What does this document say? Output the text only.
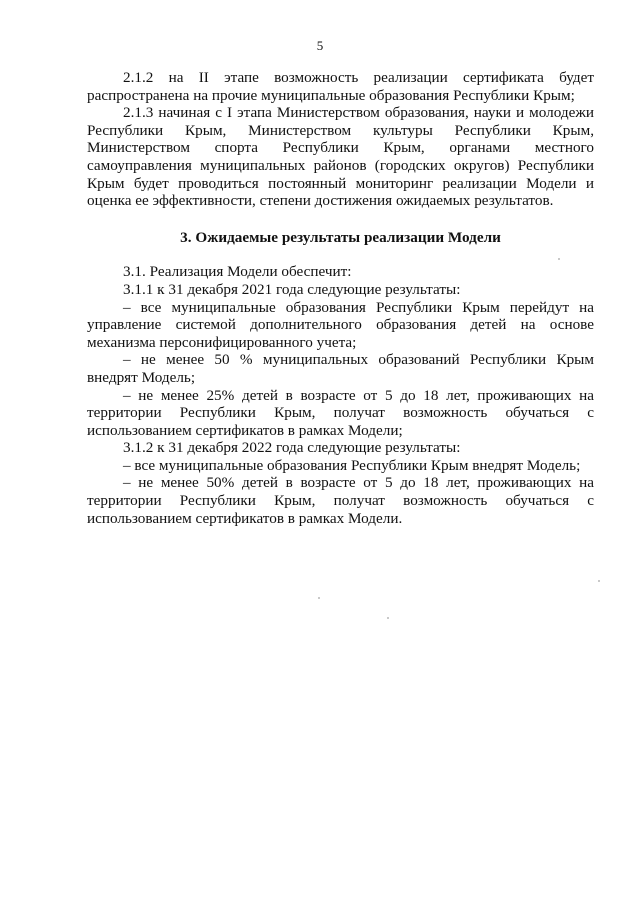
5

2.1.2 на II этапе возможность реализации сертификата будет распространена на прочие муниципальные образования Республики Крым;

2.1.3 начиная с I этапа Министерством образования, науки и молодежи Республики Крым, Министерством культуры Республики Крым, Министерством спорта Республики Крым, органами местного самоуправления муниципальных районов (городских округов) Республики Крым будет проводиться постоянный мониторинг реализации Модели и оценка ее эффективности, степени достижения ожидаемых результатов.

3. Ожидаемые результаты реализации Модели

3.1. Реализация Модели обеспечит:

3.1.1 к 31 декабря 2021 года следующие результаты:

– все муниципальные образования Республики Крым перейдут на управление системой дополнительного образования детей на основе механизма персонифицированного учета;

– не менее 50 % муниципальных образований Республики Крым внедрят Модель;

– не менее 25% детей в возрасте от 5 до 18 лет, проживающих на территории Республики Крым, получат возможность обучаться с использованием сертификатов в рамках Модели;

3.1.2 к 31 декабря 2022 года следующие результаты:

– все муниципальные образования Республики Крым внедрят Модель;

– не менее 50% детей в возрасте от 5 до 18 лет, проживающих на территории Республики Крым, получат возможность обучаться с использованием сертификатов в рамках Модели.
